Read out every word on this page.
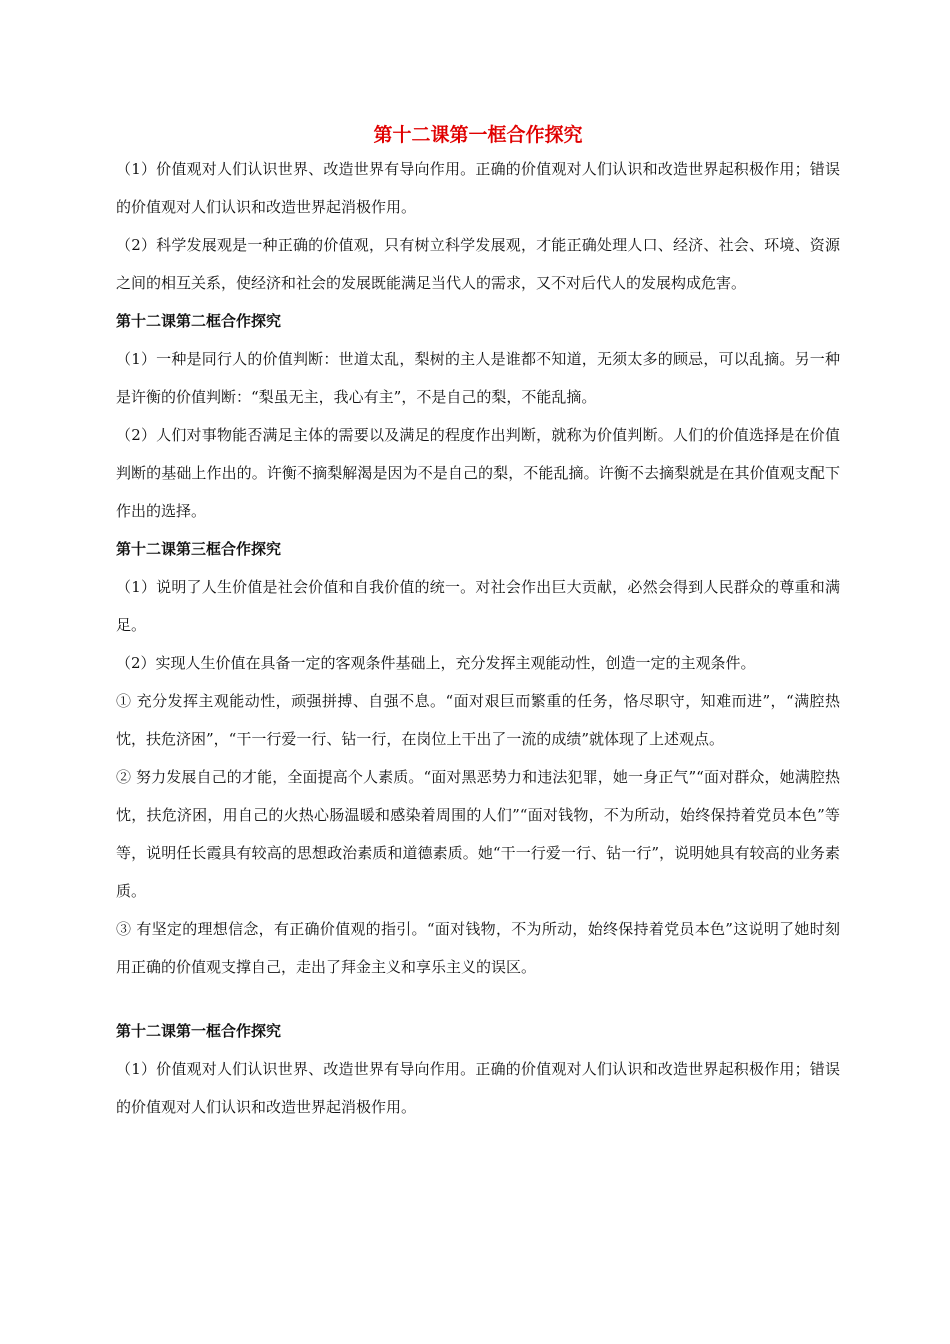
第十二课第一框合作探究

（1）价值观对人们认识世界、改造世界有导向作用。正确的价值观对人们认识和改造世界起积极作用；错误的价值观对人们认识和改造世界起消极作用。

（2）科学发展观是一种正确的价值观，只有树立科学发展观，才能正确处理人口、经济、社会、环境、资源之间的相互关系，使经济和社会的发展既能满足当代人的需求，又不对后代人的发展构成危害。

第十二课第二框合作探究

（1）一种是同行人的价值判断：世道太乱，梨树的主人是谁都不知道，无须太多的顾忌，可以乱摘。另一种是许衡的价值判断：“梨虽无主，我心有主”，不是自己的梨，不能乱摘。

（2）人们对事物能否满足主体的需要以及满足的程度作出判断，就称为价值判断。人们的价值选择是在价值判断的基础上作出的。许衡不摘梨解渴是因为不是自己的梨，不能乱摘。许衡不去摘梨就是在其价值观支配下作出的选择。

第十二课第三框合作探究

（1）说明了人生价值是社会价值和自我价值的统一。对社会作出巨大贡献，必然会得到人民群众的尊重和满足。

（2）实现人生价值在具备一定的客观条件基础上，充分发挥主观能动性，创造一定的主观条件。

① 充分发挥主观能动性，顽强拼搏、自强不息。“面对艰巨而繁重的任务，恪尽职守，知难而进”，“满腔热忱，扶危济困”，“干一行爱一行、钻一行，在岗位上干出了一流的成绩”就体现了上述观点。

② 努力发展自己的才能，全面提高个人素质。“面对黑恶势力和违法犯罪，她一身正气”“面对群众，她满腔热忱，扶危济困，用自己的火热心肠温暖和感染着周围的人们”“面对钱物，不为所动，始终保持着党员本色”等等，说明任长霞具有较高的思想政治素质和道德素质。她“干一行爱一行、钻一行”，说明她具有较高的业务素质。

③ 有坚定的理想信念，有正确价值观的指引。“面对钱物，不为所动，始终保持着党员本色”这说明了她时刻用正确的价值观支撑自己，走出了拜金主义和享乐主义的误区。

第十二课第一框合作探究

（1）价值观对人们认识世界、改造世界有导向作用。正确的价值观对人们认识和改造世界起积极作用；错误的价值观对人们认识和改造世界起消极作用。
